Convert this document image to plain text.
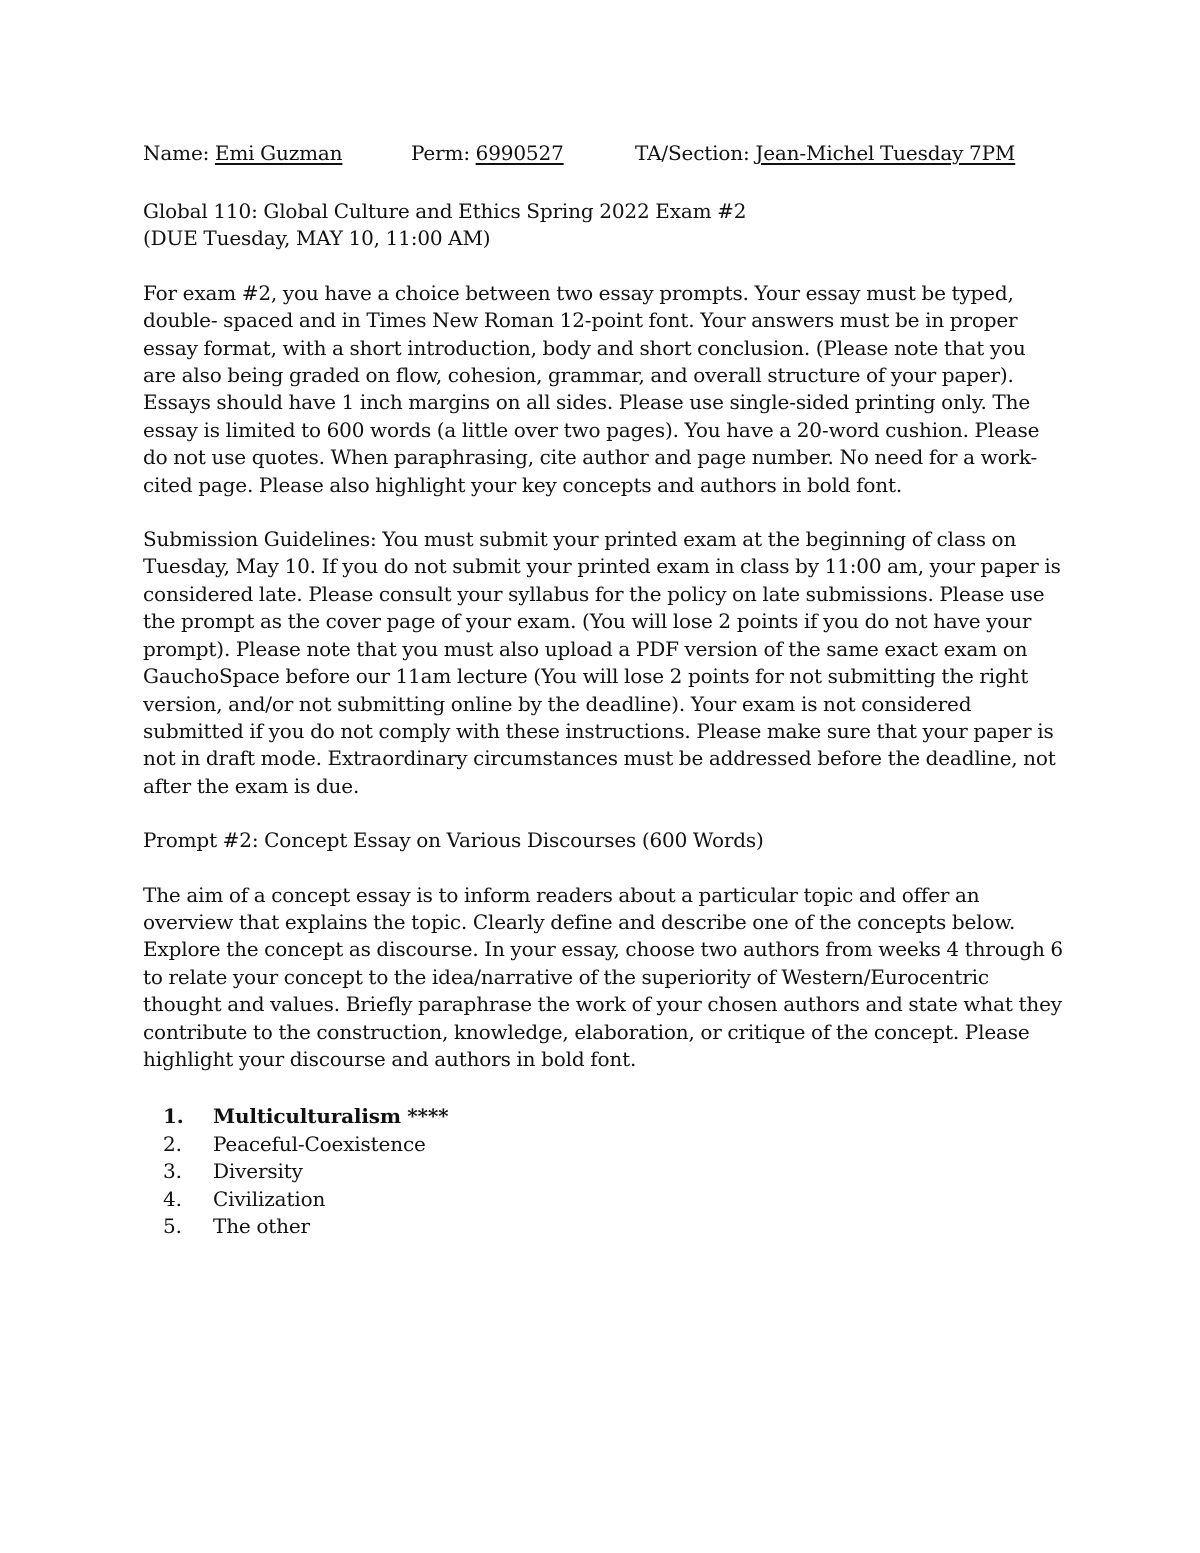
Name: Emi Guzman	Perm: 6990527	TA/Section: Jean-Michel Tuesday 7PM

Global 110: Global Culture and Ethics Spring 2022 Exam #2

(DUE Tuesday, MAY 10, 11:00 AM)

For exam #2, you have a choice between two essay prompts. Your essay must be typed, double- spaced and in Times New Roman 12-point font. Your answers must be in proper essay format, with a short introduction, body and short conclusion. (Please note that you are also being graded on flow, cohesion, grammar, and overall structure of your paper). Essays should have 1 inch margins on all sides. Please use single-sided printing only. The essay is limited to 600 words (a little over two pages). You have a 20-word cushion. Please do not use quotes. When paraphrasing, cite author and page number. No need for a work-cited page. Please also highlight your key concepts and authors in bold font.

Submission Guidelines: You must submit your printed exam at the beginning of class on Tuesday, May 10. If you do not submit your printed exam in class by 11:00 am, your paper is considered late. Please consult your syllabus for the policy on late submissions. Please use the prompt as the cover page of your exam. (You will lose 2 points if you do not have your prompt). Please note that you must also upload a PDF version of the same exact exam on GauchoSpace before our 11am lecture (You will lose 2 points for not submitting the right version, and/or not submitting online by the deadline). Your exam is not considered submitted if you do not comply with these instructions. Please make sure that your paper is not in draft mode. Extraordinary circumstances must be addressed before the deadline, not after the exam is due.

Prompt #2: Concept Essay on Various Discourses (600 Words)

The aim of a concept essay is to inform readers about a particular topic and offer an overview that explains the topic. Clearly define and describe one of the concepts below. Explore the concept as discourse. In your essay, choose two authors from weeks 4 through 6 to relate your concept to the idea/narrative of the superiority of Western/Eurocentric thought and values. Briefly paraphrase the work of your chosen authors and state what they contribute to the construction, knowledge, elaboration, or critique of the concept. Please highlight your discourse and authors in bold font.

1. Multiculturalism ****
2. Peaceful-Coexistence
3. Diversity
4. Civilization
5. The other
